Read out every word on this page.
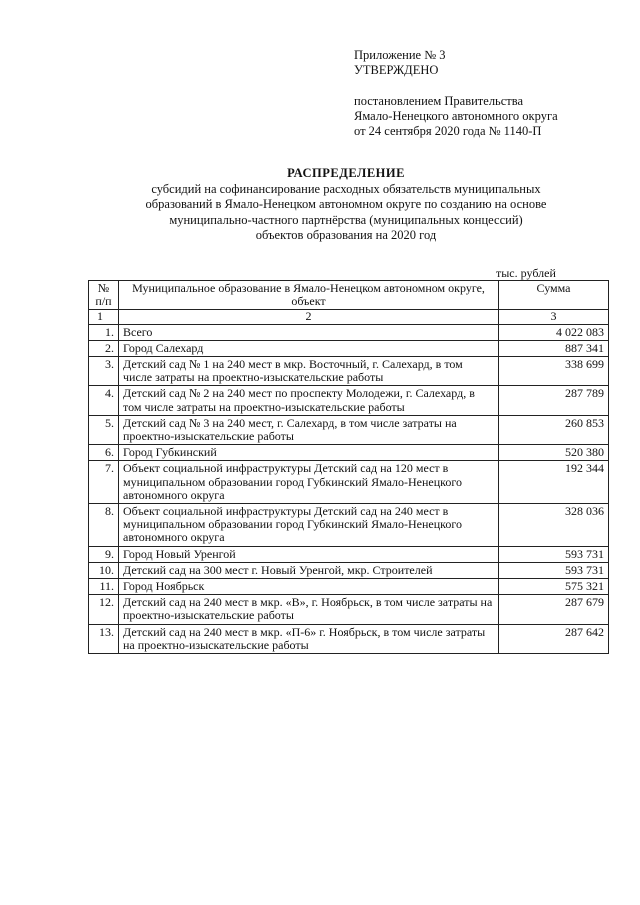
Приложение № 3
УТВЕРЖДЕНО
постановлением Правительства
Ямало-Ненецкого автономного округа
от 24 сентября 2020 года № 1140-П
РАСПРЕДЕЛЕНИЕ
субсидий на софинансирование расходных обязательств муниципальных
образований в Ямало-Ненецком автономном округе по созданию на основе
муниципально-частного партнёрства (муниципальных концессий)
объектов образования на 2020 год
тыс. рублей
№
п/п	Муниципальное образование в Ямало-Ненецком автономном округе, объект	Сумма
1	2	3
1.	Всего	4 022 083
2.	Город Салехард	887 341
3.	Детский сад № 1 на 240 мест в мкр. Восточный, г. Салехард, в том числе затраты на проектно-изыскательские работы	338 699
4.	Детский сад № 2 на 240 мест по проспекту Молодежи, г. Салехард, в том числе затраты на проектно-изыскательские работы	287 789
5.	Детский сад № 3 на 240 мест, г. Салехард, в том числе затраты на проектно-изыскательские работы	260 853
6.	Город Губкинский	520 380
7.	Объект социальной инфраструктуры Детский сад на 120 мест в муниципальном образовании город Губкинский Ямало-Ненецкого автономного округа	192 344
8.	Объект социальной инфраструктуры Детский сад на 240 мест в муниципальном образовании город Губкинский Ямало-Ненецкого автономного округа	328 036
9.	Город Новый Уренгой	593 731
10.	Детский сад на 300 мест г. Новый Уренгой, мкр. Строителей	593 731
11.	Город Ноябрьск	575 321
12.	Детский сад на 240 мест в мкр. «В», г. Ноябрьск, в том числе затраты на проектно-изыскательские работы	287 679
13.	Детский сад на 240 мест в мкр. «П-6» г. Ноябрьск, в том числе затраты на проектно-изыскательские работы	287 642
